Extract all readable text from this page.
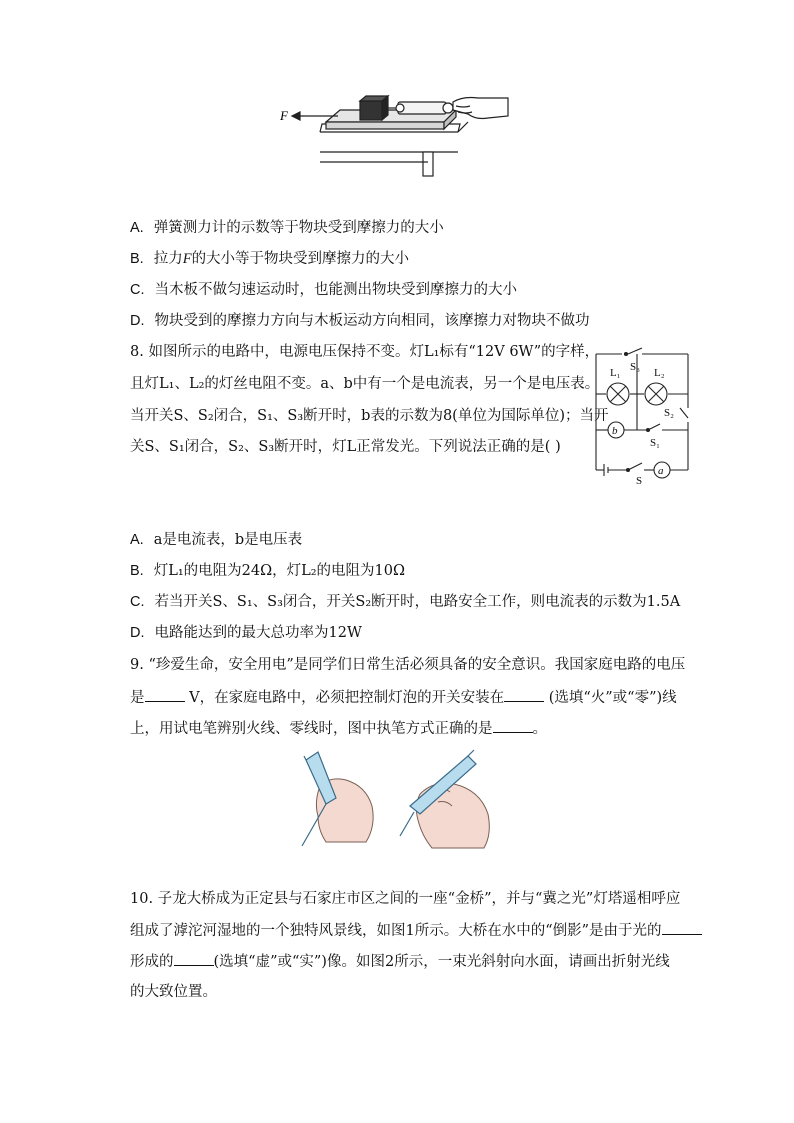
F
A. 弹簧测力计的示数等于物块受到摩擦力的大小
B. 拉力F的大小等于物块受到摩擦力的大小
C. 当木板不做匀速运动时，也能测出物块受到摩擦力的大小
D. 物块受到的摩擦力方向与木板运动方向相同，该摩擦力对物块不做功
8. 如图所示的电路中，电源电压保持不变。灯L₁标有“12V 6W”的字样，
且灯L₁、L₂的灯丝电阻不变。a、b中有一个是电流表，另一个是电压表。
当开关S、S₂闭合，S₁、S₃断开时，b表的示数为8(单位为国际单位)；当开
关S、S₁闭合，S₂、S₃断开时，灯L正常发光。下列说法正确的是( )
S₃
L₁	L₂
S₂
b
S₁
a
S
A. a是电流表，b是电压表
B. 灯L₁的电阻为24Ω，灯L₂的电阻为10Ω
C. 若当开关S、S₁、S₃闭合，开关S₂断开时，电路安全工作，则电流表的示数为1.5A
D. 电路能达到的最大总功率为12W
9. “珍爱生命，安全用电”是同学们日常生活必须具备的安全意识。我国家庭电路的电压
是	V，在家庭电路中，必须把控制灯泡的开关安装在	(选填“火”或“零”)线
上，用试电笔辨别火线、零线时，图中执笔方式正确的是	。
10. 子龙大桥成为正定县与石家庄市区之间的一座“金桥”，并与“冀之光”灯塔遥相呼应
组成了滹沱河湿地的一个独特风景线，如图1所示。大桥在水中的“倒影”是由于光的
形成的	(选填“虚”或“实”)像。如图2所示，一束光斜射向水面，请画出折射光线
的大致位置。
